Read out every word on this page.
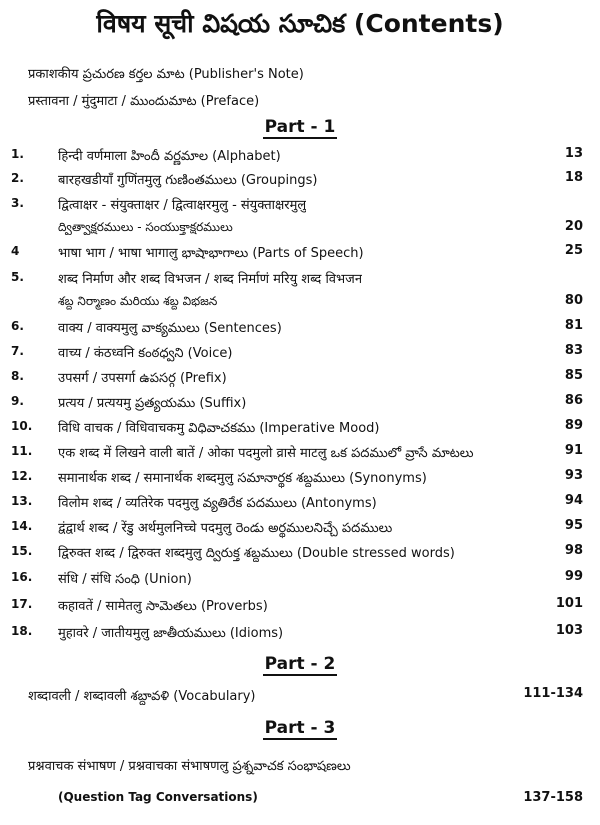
विषय सूची విషయ సూచిక (Contents)
प्रकाशकीय ప్రచురణ కర్తల మాట (Publisher's Note)
प्रस्तावना / मुंदुमाटा / ముందుమాట (Preface)
Part - 1
1.	हिन्दी वर्णमाला హిందీ వర్ణమాల (Alphabet)	13
2.	बारहखडीयाँ गुणिंतमुलु గుణింతములు (Groupings)	18
3.	द्वित्वाक्षर - संयुक्ताक्षर / द्वित्वाक्षरमुलु - संयुक्ताक्षरमुलु
ద్విత్వాక్షరములు - సంయుక్తాక్షరములు	20
4	भाषा भाग / भाषा भागालु భాషాభాగాలు (Parts of Speech)	25
5.	शब्द निर्माण और शब्द विभजन / शब्द निर्माणं मरियु शब्द विभजन
శబ్ద నిర్మాణం మరియు శబ్ద విభజన	80
6.	वाक्य / वाक्यमुलु వాక్యములు (Sentences)	81
7.	वाच्य / कंठध्वनि కంఠధ్వని (Voice)	83
8.	उपसर्ग / उपसर्गा ఉపసర్గ (Prefix)	85
9.	प्रत्यय / प्रत्ययमु ప్రత్యయము (Suffix)	86
10. विधि वाचक / विधिवाचकमु విధివాచకము (Imperative Mood)	89
11. एक शब्द में लिखने वाली बातें / ओका पदमुलो व्रासे माटलु ఒక పదములో వ్రాసే మాటలు	91
12. समानार्थक शब्द / समानार्थक शब्दमुलु సమానార్థక శబ్దములు (Synonyms)	93
13. विलोम शब्द / व्यतिरेक पदमुलु వ్యతిరేక పదములు (Antonyms)	94
14. द्वंद्वार्थ शब्द / रेंडु अर्थमुलनिच्चे पदमुलु రెండు అర్థములనిచ్చే పదములు	95
15. द्विरुक्त शब्द / द्विरुक्त शब्दमुलु ద్విరుక్త శబ్దములు (Double stressed words)	98
16. संधि / संधि సంధి (Union)	99
17. कहावतें / सामेतलु సామెతలు (Proverbs)	101
18. मुहावरे / जातीयमुलु జాతీయములు (Idioms)	103
Part - 2
शब्दावली / शब्दावली శబ్దావళి (Vocabulary)	111-134
Part - 3
प्रश्नवाचक संभाषण / प्रश्नवाचका संभाषणलु ప్రశ్నవాచక సంభాషణలు
(Question Tag Conversations)	137-158
